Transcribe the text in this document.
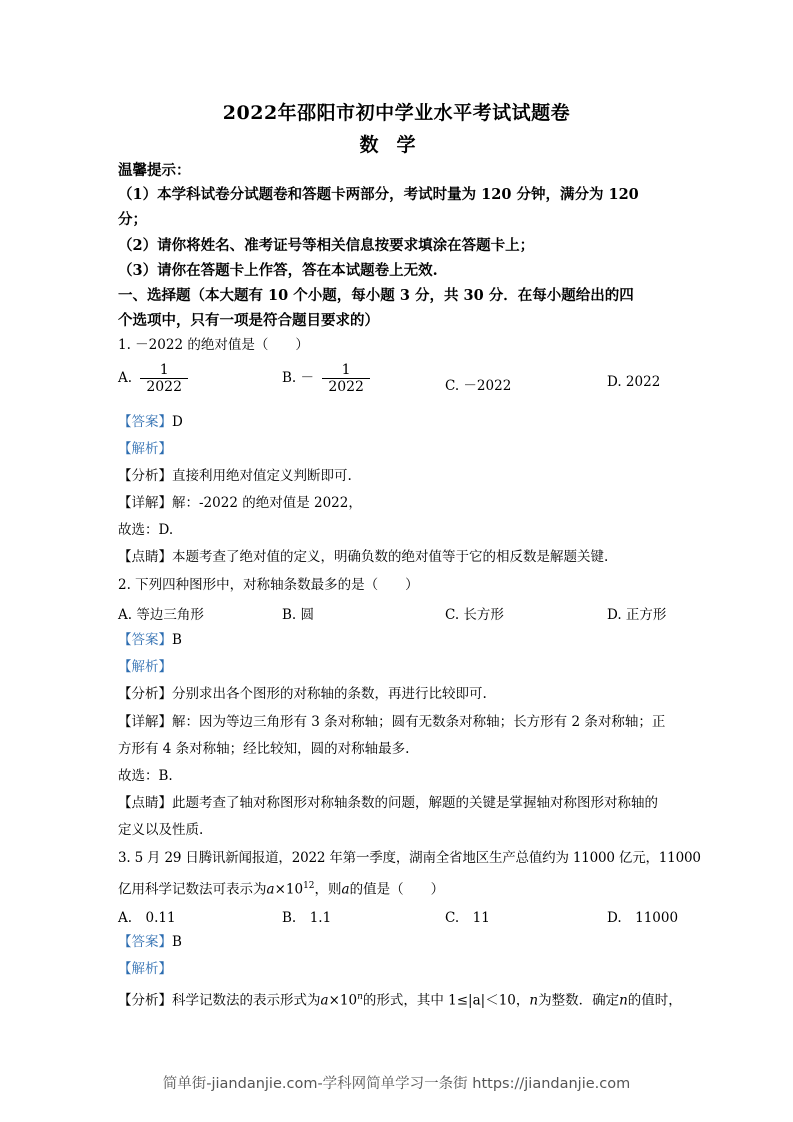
2022年邵阳市初中学业水平考试试题卷
数学
温馨提示：
（1）本学科试卷分试题卷和答题卡两部分，考试时量为 120 分钟，满分为 120
分；
（2）请你将姓名、准考证号等相关信息按要求填涂在答题卡上；
（3）请你在答题卡上作答，答在本试题卷上无效.
一、选择题（本大题有 10 个小题，每小题 3 分，共 30 分．在每小题给出的四
个选项中，只有一项是符合题目要求的）
1. －2022 的绝对值是（　　）
A. $\frac{1}{2022}$	B. － $\frac{1}{2022}$	C. －2022	D. 2022
【答案】D
【解析】
【分析】直接利用绝对值定义判断即可.
【详解】解：-2022 的绝对值是 2022，
故选：D.
【点睛】本题考查了绝对值的定义，明确负数的绝对值等于它的相反数是解题关键.
2. 下列四种图形中，对称轴条数最多的是（　　）
A. 等边三角形	B. 圆	C. 长方形	D. 正方形
【答案】B
【解析】
【分析】分别求出各个图形的对称轴的条数，再进行比较即可.
【详解】解：因为等边三角形有 3 条对称轴；圆有无数条对称轴；长方形有 2 条对称轴；正
方形有 4 条对称轴；经比较知，圆的对称轴最多.
故选：B.
【点睛】此题考查了轴对称图形对称轴条数的问题，解题的关键是掌握轴对称图形对称轴的
定义以及性质.
3. 5 月 29 日腾讯新闻报道，2022 年第一季度，湖南全省地区生产总值约为 11000 亿元，11000
亿用科学记数法可表示为$a\times 10^{12}$，则a的值是（　　）
A.　0.11	B.　1.1	C.　11	D.　11000
【答案】B
【解析】
【分析】科学记数法的表示形式为$a\times 10^n$的形式，其中 1≤|a|＜10，n为整数．确定n的值时，
简单街-jiandanjie.com-学科网简单学习一条街 https://jiandanjie.com
